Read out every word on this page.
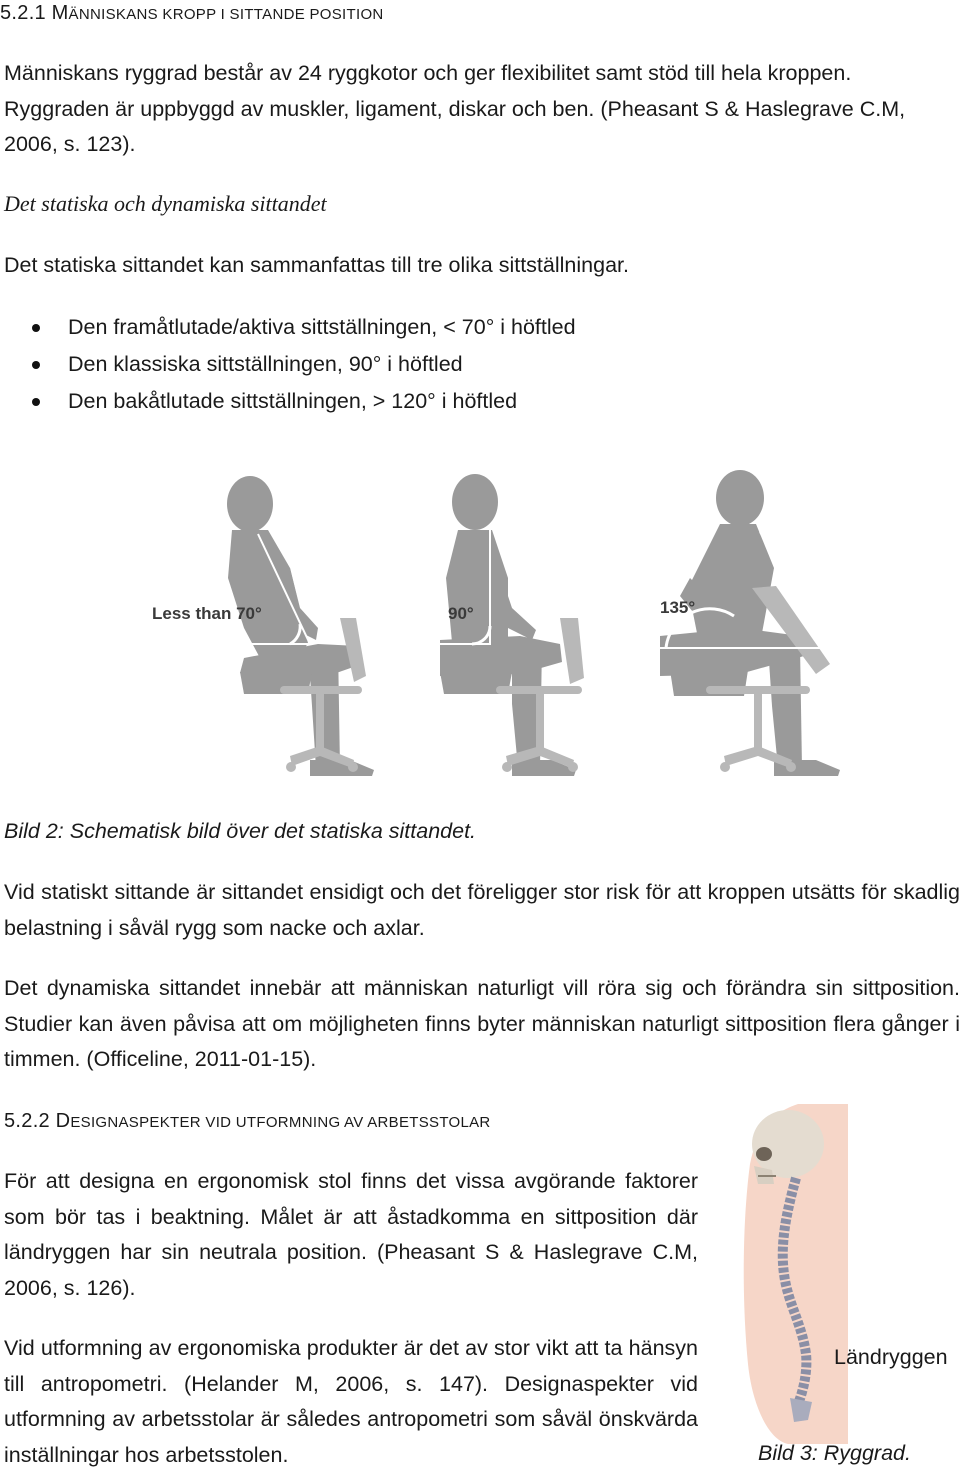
5.2.1 MÄNNISKANS KROPP I SITTANDE POSITION
Människans ryggrad består av 24 ryggkotor och ger flexibilitet samt stöd till hela kroppen.
Ryggraden är uppbyggd av muskler, ligament, diskar och ben. (Pheasant S & Haslegrave C.M,
2006, s. 123).
Det statiska och dynamiska sittandet
Det statiska sittandet kan sammanfattas till tre olika sittställningar.
Den framåtlutade/aktiva sittställningen, < 70° i höftled
Den klassiska sittställningen, 90° i höftled
Den bakåtlutade sittställningen, > 120° i höftled
Less than 70°	90°	135°
Bild 2: Schematisk bild över det statiska sittandet.
Vid statiskt sittande är sittandet ensidigt och det föreligger stor risk för att kroppen utsätts för skadlig belastning i såväl rygg som nacke och axlar.
Det dynamiska sittandet innebär att människan naturligt vill röra sig och förändra sin sittposition. Studier kan även påvisa att om möjligheten finns byter människan naturligt sittposition flera gånger i timmen. (Officeline, 2011-01-15).
5.2.2 DESIGNASPEKTER VID UTFORMNING AV ARBETSSTOLAR
För att designa en ergonomisk stol finns det vissa avgörande faktorer som bör tas i beaktning. Målet är att åstadkomma en sittposition där ländryggen har sin neutrala position. (Pheasant S & Haslegrave C.M, 2006, s. 126).
Vid utformning av ergonomiska produkter är det av stor vikt att ta hänsyn till antropometri. (Helander M, 2006, s. 147). Designaspekter vid utformning av arbetsstolar är således antropometri som såväl önskvärda inställningar hos arbetsstolen.
Ländryggen
Bild 3: Ryggrad.
